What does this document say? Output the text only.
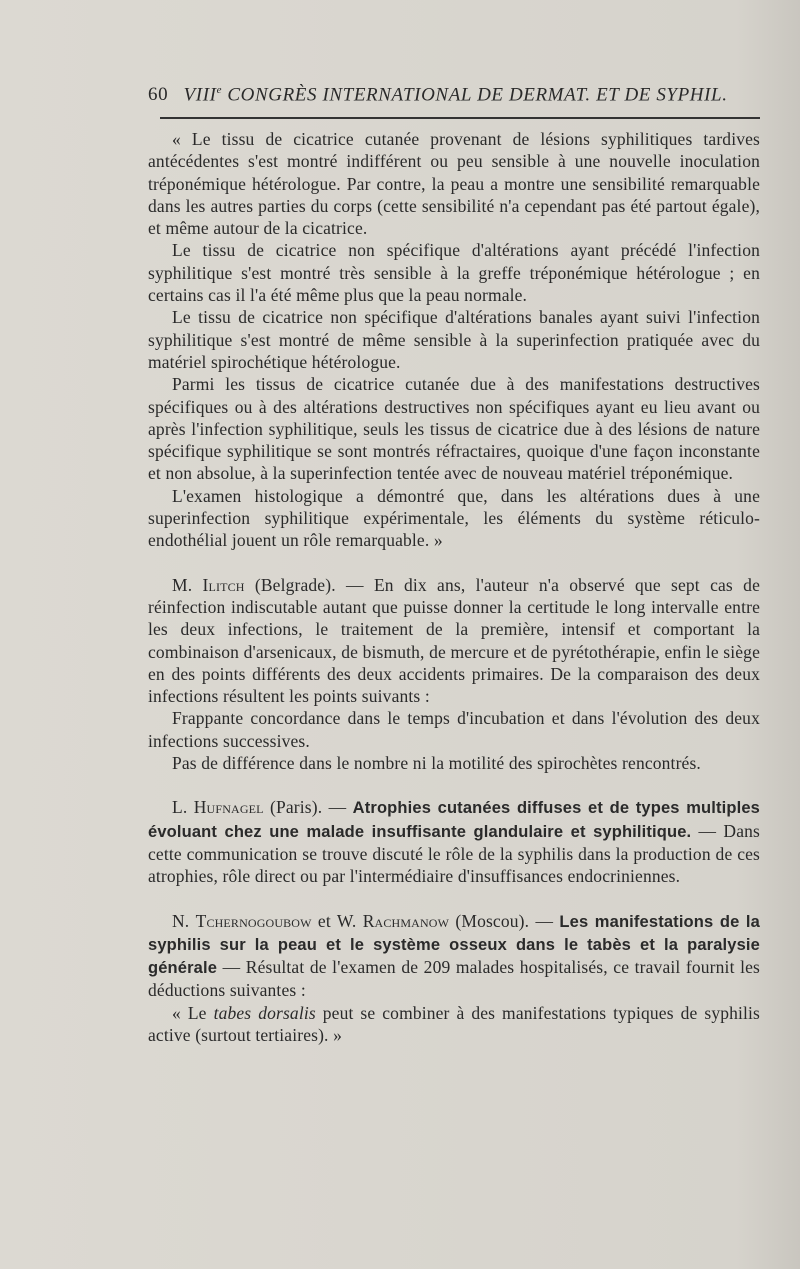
60 VIIIe CONGRÈS INTERNATIONAL DE DERMAT. ET DE SYPHIL.

« Le tissu de cicatrice cutanée provenant de lésions syphilitiques tardives antécédentes s'est montré indifférent ou peu sensible à une nouvelle inoculation tréponémique hétérologue. Par contre, la peau a montre une sensibilité remarquable dans les autres parties du corps (cette sensibilité n'a cependant pas été partout égale), et même autour de la cicatrice.

Le tissu de cicatrice non spécifique d'altérations ayant précédé l'infection syphilitique s'est montré très sensible à la greffe tréponémique hétérologue ; en certains cas il l'a été même plus que la peau normale.

Le tissu de cicatrice non spécifique d'altérations banales ayant suivi l'infection syphilitique s'est montré de même sensible à la superinfection pratiquée avec du matériel spirochétique hétérologue.

Parmi les tissus de cicatrice cutanée due à des manifestations destructives spécifiques ou à des altérations destructives non spécifiques ayant eu lieu avant ou après l'infection syphilitique, seuls les tissus de cicatrice due à des lésions de nature spécifique syphilitique se sont montrés réfractaires, quoique d'une façon inconstante et non absolue, à la superinfection tentée avec de nouveau matériel tréponémique.

L'examen histologique a démontré que, dans les altérations dues à une superinfection syphilitique expérimentale, les éléments du système réticulo-endothélial jouent un rôle remarquable. »

M. Ilitch (Belgrade). — En dix ans, l'auteur n'a observé que sept cas de réinfection indiscutable autant que puisse donner la certitude le long intervalle entre les deux infections, le traitement de la première, intensif et comportant la combinaison d'arsenicaux, de bismuth, de mercure et de pyrétothérapie, enfin le siège en des points différents des deux accidents primaires. De la comparaison des deux infections résultent les points suivants :

Frappante concordance dans le temps d'incubation et dans l'évolution des deux infections successives.

Pas de différence dans le nombre ni la motilité des spirochètes rencontrés.

L. Hufnagel (Paris). — Atrophies cutanées diffuses et de types multiples évoluant chez une malade insuffisante glandulaire et syphilitique. — Dans cette communication se trouve discuté le rôle de la syphilis dans la production de ces atrophies, rôle direct ou par l'intermédiaire d'insuffisances endocriniennes.

N. Tchernogoubow et W. Rachmanow (Moscou). — Les manifestations de la syphilis sur la peau et le système osseux dans le tabès et la paralysie générale — Résultat de l'examen de 209 malades hospitalisés, ce travail fournit les déductions suivantes :

« Le tabes dorsalis peut se combiner à des manifestations typiques de syphilis active (surtout tertiaires). »
